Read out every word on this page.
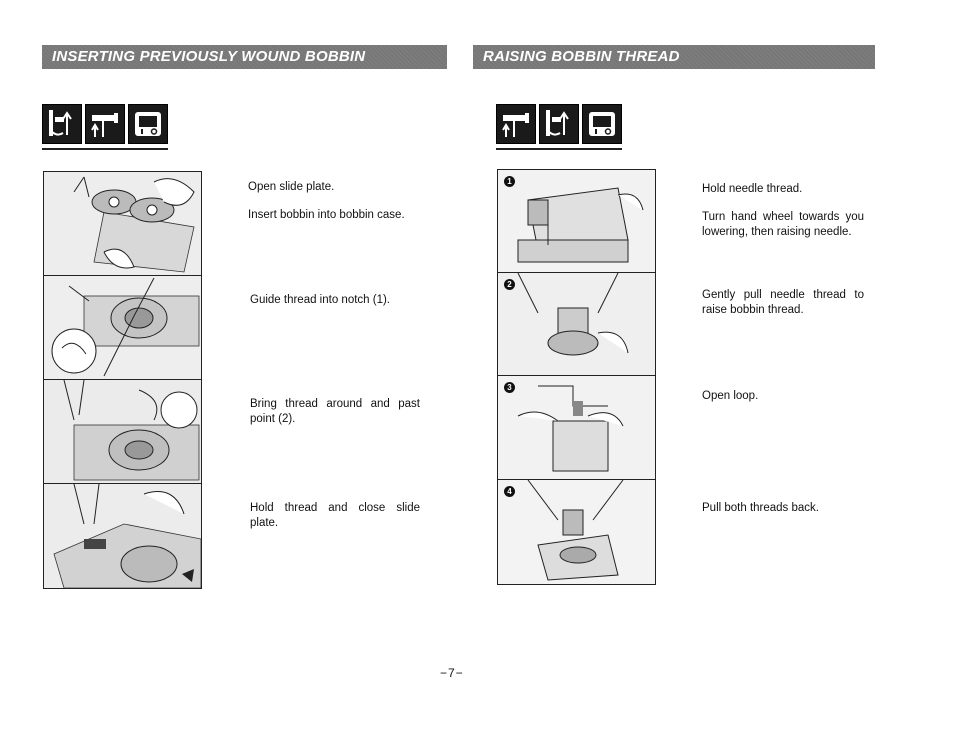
INSERTING PREVIOUSLY WOUND BOBBIN	RAISING BOBBIN THREAD

Open slide plate.

Insert bobbin into bobbin case.

Guide thread into notch (1).

Bring thread around and past point (2).

Hold thread and close slide plate.

1
2
3
4

Hold needle thread.

Turn hand wheel towards you lowering, then raising needle.

Gently pull needle thread to raise bobbin thread.

Open loop.

Pull both threads back.

−7−
